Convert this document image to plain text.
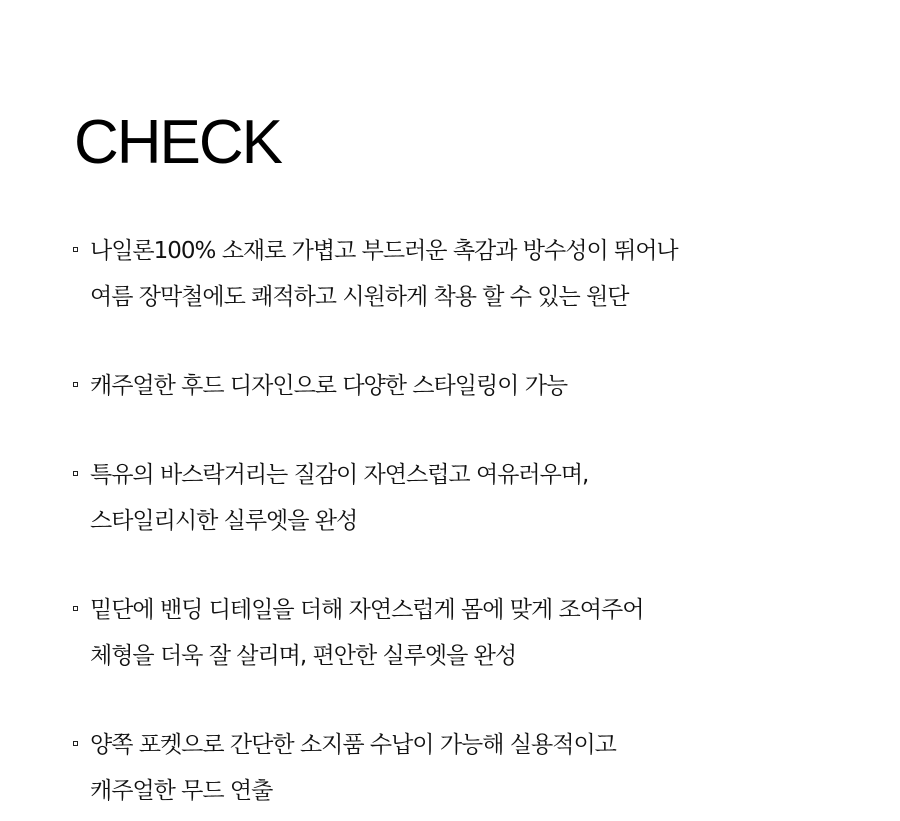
CHECK
나일론100% 소재로 가볍고 부드러운 촉감과 방수성이 뛰어나
여름 장막철에도 쾌적하고 시원하게 착용 할 수 있는 원단
캐주얼한 후드 디자인으로 다양한 스타일링이 가능
특유의 바스락거리는 질감이 자연스럽고 여유러우며,
스타일리시한 실루엣을 완성
밑단에 밴딩 디테일을 더해 자연스럽게 몸에 맞게 조여주어
체형을 더욱 잘 살리며, 편안한 실루엣을 완성
양쪽 포켓으로 간단한 소지품 수납이 가능해 실용적이고
캐주얼한 무드 연출
